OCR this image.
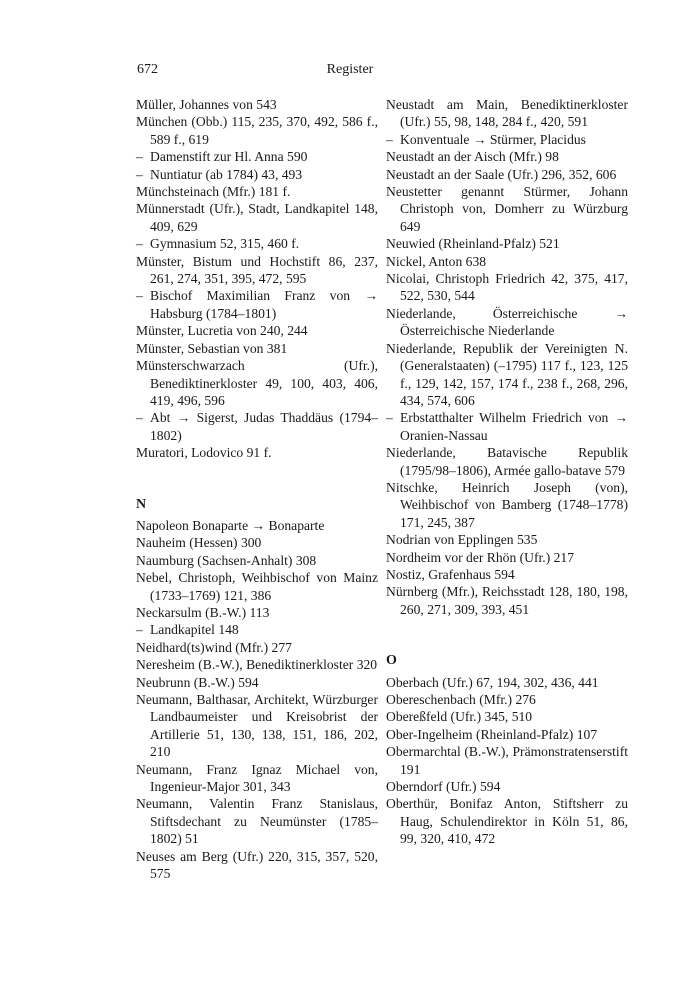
672	Register
Müller, Johannes von 543
München (Obb.) 115, 235, 370, 492, 586 f., 589 f., 619
– Damenstift zur Hl. Anna 590
– Nuntiatur (ab 1784) 43, 493
Münchsteinach (Mfr.) 181 f.
Münnerstadt (Ufr.), Stadt, Landkapitel 148, 409, 629
– Gymnasium 52, 315, 460 f.
Münster, Bistum und Hochstift 86, 237, 261, 274, 351, 395, 472, 595
– Bischof Maximilian Franz von → Habsburg (1784–1801)
Münster, Lucretia von 240, 244
Münster, Sebastian von 381
Münsterschwarzach (Ufr.), Benediktinerkloster 49, 100, 403, 406, 419, 496, 596
– Abt → Sigerst, Judas Thaddäus (1794–1802)
Muratori, Lodovico 91 f.
N
Napoleon Bonaparte → Bonaparte
Nauheim (Hessen) 300
Naumburg (Sachsen-Anhalt) 308
Nebel, Christoph, Weihbischof von Mainz (1733–1769) 121, 386
Neckarsulm (B.-W.) 113
– Landkapitel 148
Neidhard(ts)wind (Mfr.) 277
Neresheim (B.-W.), Benediktinerkloster 320
Neubrunn (B.-W.) 594
Neumann, Balthasar, Architekt, Würzburger Landbaumeister und Kreisobrist der Artillerie 51, 130, 138, 151, 186, 202, 210
Neumann, Franz Ignaz Michael von, Ingenieur-Major 301, 343
Neumann, Valentin Franz Stanislaus, Stiftsdechant zu Neumünster (1785–1802) 51
Neuses am Berg (Ufr.) 220, 315, 357, 520, 575
Neustadt am Main, Benediktinerkloster (Ufr.) 55, 98, 148, 284 f., 420, 591
– Konventuale → Stürmer, Placidus
Neustadt an der Aisch (Mfr.) 98
Neustadt an der Saale (Ufr.) 296, 352, 606
Neustetter genannt Stürmer, Johann Christoph von, Domherr zu Würzburg 649
Neuwied (Rheinland-Pfalz) 521
Nickel, Anton 638
Nicolai, Christoph Friedrich 42, 375, 417, 522, 530, 544
Niederlande, Österreichische → Österreichische Niederlande
Niederlande, Republik der Vereinigten N. (Generalstaaten) (–1795) 117 f., 123, 125 f., 129, 142, 157, 174 f., 238 f., 268, 296, 434, 574, 606
– Erbstatthalter Wilhelm Friedrich von → Oranien-Nassau
Niederlande, Batavische Republik (1795/98–1806), Armée gallo-batave 579
Nitschke, Heinrich Joseph (von), Weihbischof von Bamberg (1748–1778) 171, 245, 387
Nodrian von Epplingen 535
Nordheim vor der Rhön (Ufr.) 217
Nostiz, Grafenhaus 594
Nürnberg (Mfr.), Reichsstadt 128, 180, 198, 260, 271, 309, 393, 451
O
Oberbach (Ufr.) 67, 194, 302, 436, 441
Obereschenbach (Mfr.) 276
Obereßfeld (Ufr.) 345, 510
Ober-Ingelheim (Rheinland-Pfalz) 107
Obermarchtal (B.-W.), Prämonstratenserstift 191
Oberndorf (Ufr.) 594
Oberthür, Bonifaz Anton, Stiftsherr zu Haug, Schulendirektor in Köln 51, 86, 99, 320, 410, 472
